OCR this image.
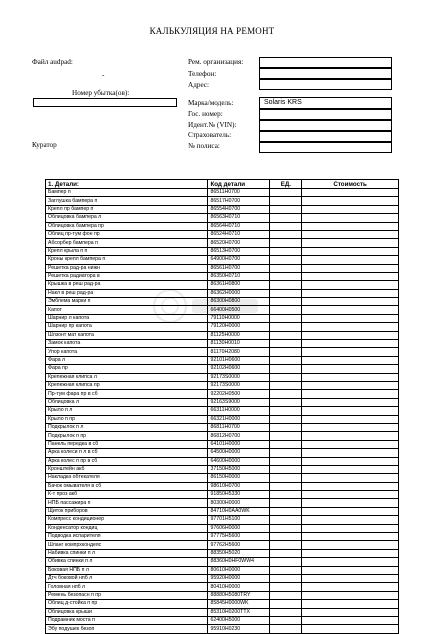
КАЛЬКУЛЯЦИЯ НА РЕМОНТ
Файл audpad:
-
Номер убытка(ов):
Куратор
Рем. организация:
Телефон:
Адрес:
Марка/модель:	Solaris KRS
Гос. номер:
Идент.№ (VIN):
Страхователь:
№ полиса:
1. Детали:	Код детали	ЕД.	Стоимость
Бампер п	86511H0700		
Заглушка бампера п	86517H0700		
Крепл пр бампер п	86554H0700		
Облицовка бампера л	86563H0710		
Облицовка бампера пр	86564H0710		
Облиц пр-тум фон пр	86524H0710		
Абсорбер бампера п	86520H0700		
Крепл крыла п п	86513H0700		
Кроны крепл бампера п	64900H0700		
Решетка рад-ра нижн	86561H0700		
Решетка радиатора в	86350H0710		
Крышка в реш рад-ра	86361H0800		
Накл в реш рад-ра	86362H0000		
Эмблема марки п	86300H0800		
Капот	66400H0500		
Шарнир л капота	79110H0000		
Шарнир пр капота	79120H0000		
Шлзонт мат капота	81125H0000		
Замок капота	81130H0010		
Упор капота	81170H2080		
Фара л	92101H0600		
Фара пр	92102H0600		
Крепежная клипса л	92173S0000		
Крепежная клипса пр	92173S0000		
Пр-тум фара пр в сб	92202H0500		
Облицовка л	92163S9000		
Крыло п л	66311H0000		
Крыло п пр	66321H0000		
Подкрылок п л	86811H0700		
Подкрылок п пр	86812H0700		
Панель передка в сб	64101H0000		
Арка колеси п л в сб	64500H0000		
Арка колес п пр в сб	64600H0000		
Кронштейн акб	37150H5000		
Накладка обтекателя	86150H0000		
Бачок омывателя в сб	98610H0700		
К-т проз акб	91850H5330		
НПБ пассажира п	80300H0000		
Щиток приборов	84710H0AA0WK		
Компресс кондиционер	97701H5100		
Конденсатор кондиц	97606H0000		
Подводка испарителя	97775H5600		
Шланг компрхкондеяс	97762H5600		
Набивка спинки п л	88350H5020		
Обивка спинки п л	88360H0HF0WW4		
Боковая НПБ п л	80610H0000		
Дтч боковой нпб л	95920H0000		
Головная нпб л	80410H0000		
Ремень безопасн п пр	88880H5080TRY		
Облиц д-стойка п пр	85845H0000WK		
Облицовка крыши	85310H0200TTX		
Подрамник моста п	62400H5000		
Эбу подушек безоп	95910H0230		
